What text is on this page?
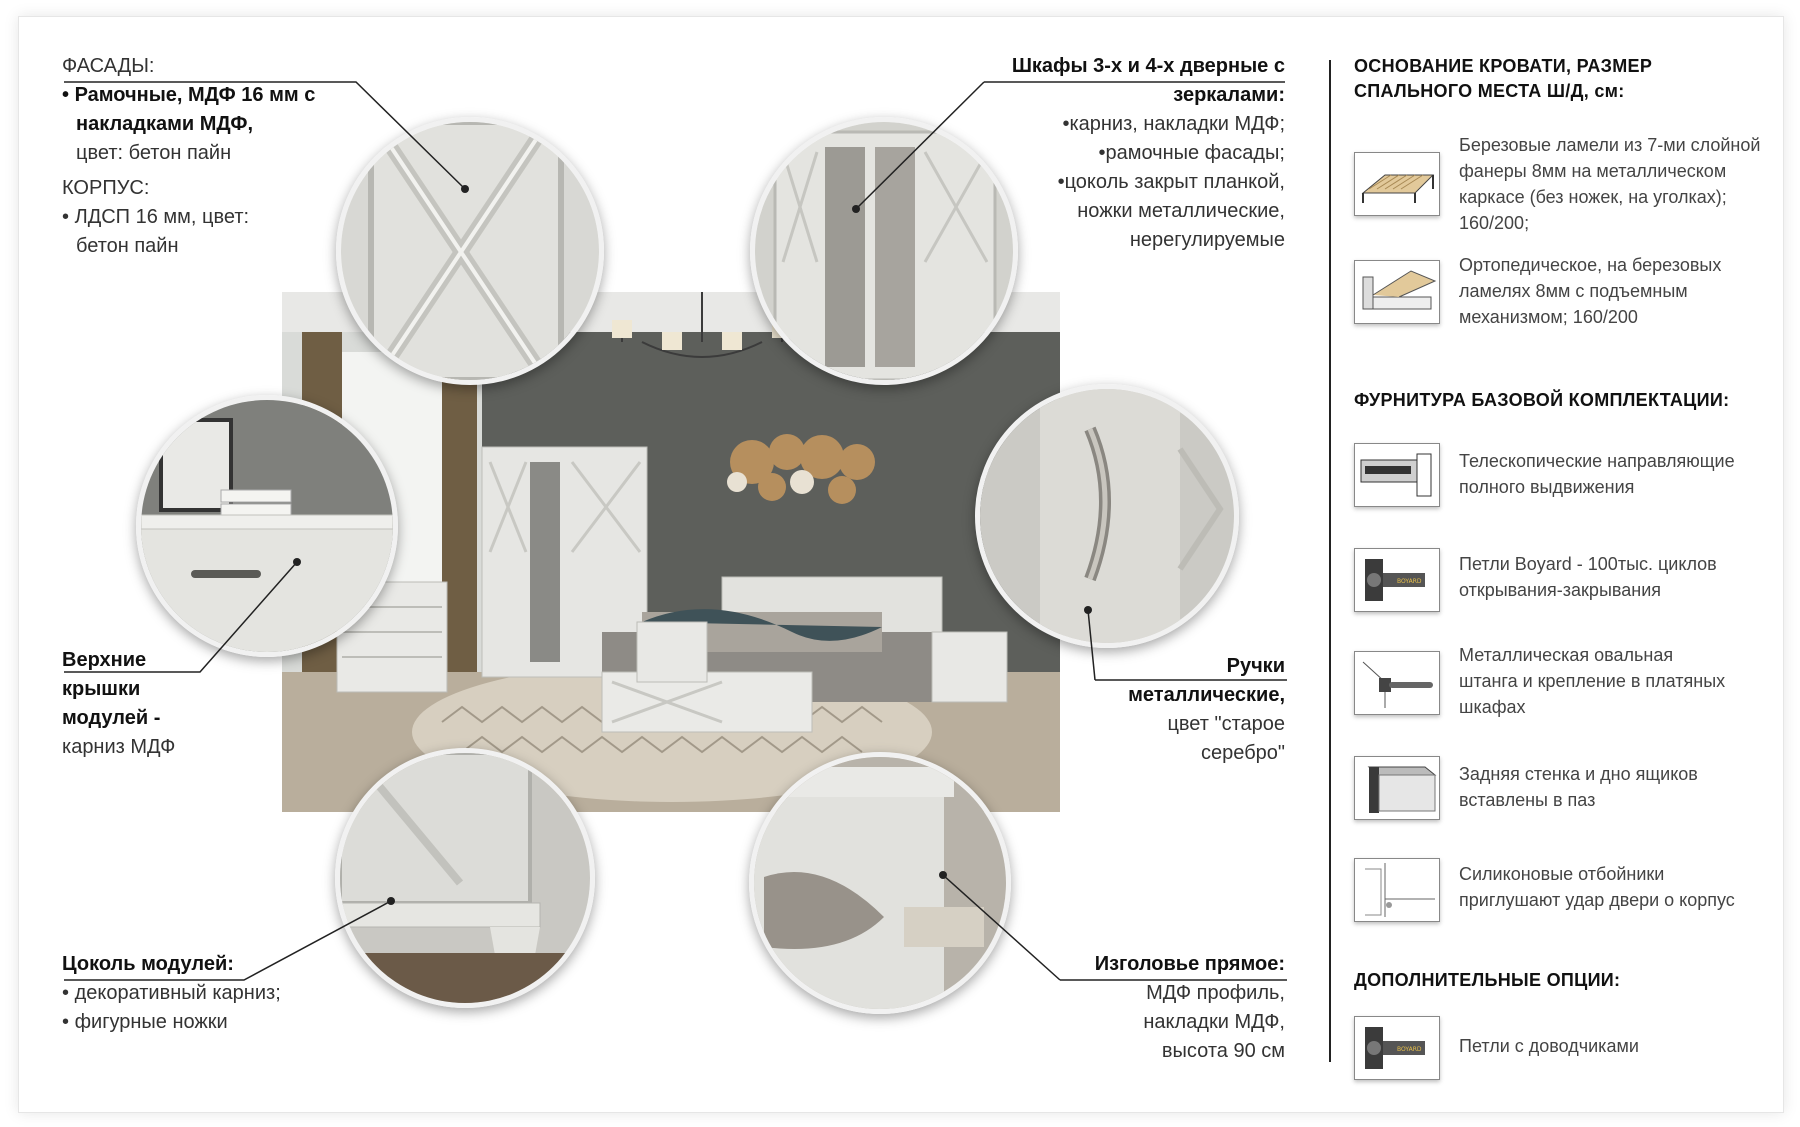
ФАСАДЫ:
• Рамочные, МДФ 16 мм с
накладками МДФ,
цвет: бетон пайн
КОРПУС:
• ЛДСП 16 мм, цвет:
бетон пайн
Верхние
крышки
модулей -
карниз МДФ
Цоколь модулей:
• декоративный карниз;
• фигурные ножки
Шкафы 3-х и 4-х дверные с
зеркалами:
•карниз, накладки МДФ;
•рамочные фасады;
•цоколь закрыт планкой,
ножки металлические,
нерегулируемые
Ручки
металлические,
цвет "старое
серебро"
Изголовье прямое:
МДФ профиль,
накладки МДФ,
высота 90 см
ОСНОВАНИЕ КРОВАТИ, РАЗМЕР
СПАЛЬНОГО МЕСТА Ш/Д, см:
Березовые ламели из 7-ми слойной
фанеры 8мм на металлическом
каркасе (без ножек, на уголках);
160/200;
Ортопедическое, на березовых
ламелях 8мм с подъемным
механизмом; 160/200
ФУРНИТУРА БАЗОВОЙ КОМПЛЕКТАЦИИ:
Телескопические направляющие
полного выдвижения
BOYARD
Петли Boyard - 100тыс. циклов
открывания-закрывания
Металлическая овальная
штанга и крепление в платяных
шкафах
Задняя стенка и дно ящиков
вставлены в паз
Силиконовые отбойники
приглушают удар двери о корпус
ДОПОЛНИТЕЛЬНЫЕ ОПЦИИ:
BOYARD Петли с доводчиками
